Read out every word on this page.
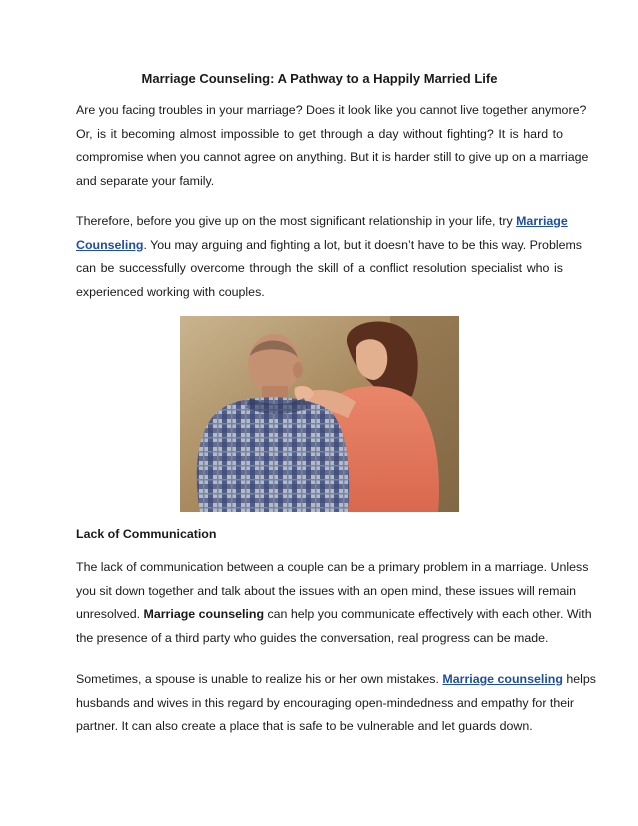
Marriage Counseling: A Pathway to a Happily Married Life
Are you facing troubles in your marriage? Does it look like you cannot live together anymore?
Or, is it becoming almost impossible to get through a day without fighting? It is hard to
compromise when you cannot agree on anything. But it is harder still to give up on a marriage
and separate your family.
Therefore, before you give up on the most significant relationship in your life, try Marriage
Counseling. You may arguing and fighting a lot, but it doesn’t have to be this way. Problems
can be successfully overcome through the skill of a conflict resolution specialist who is
experienced working with couples.
Lack of Communication
The lack of communication between a couple can be a primary problem in a marriage. Unless
you sit down together and talk about the issues with an open mind, these issues will remain
unresolved. Marriage counseling can help you communicate effectively with each other. With
the presence of a third party who guides the conversation, real progress can be made.
Sometimes, a spouse is unable to realize his or her own mistakes. Marriage counseling helps
husbands and wives in this regard by encouraging open-mindedness and empathy for their
partner. It can also create a place that is safe to be vulnerable and let guards down.
